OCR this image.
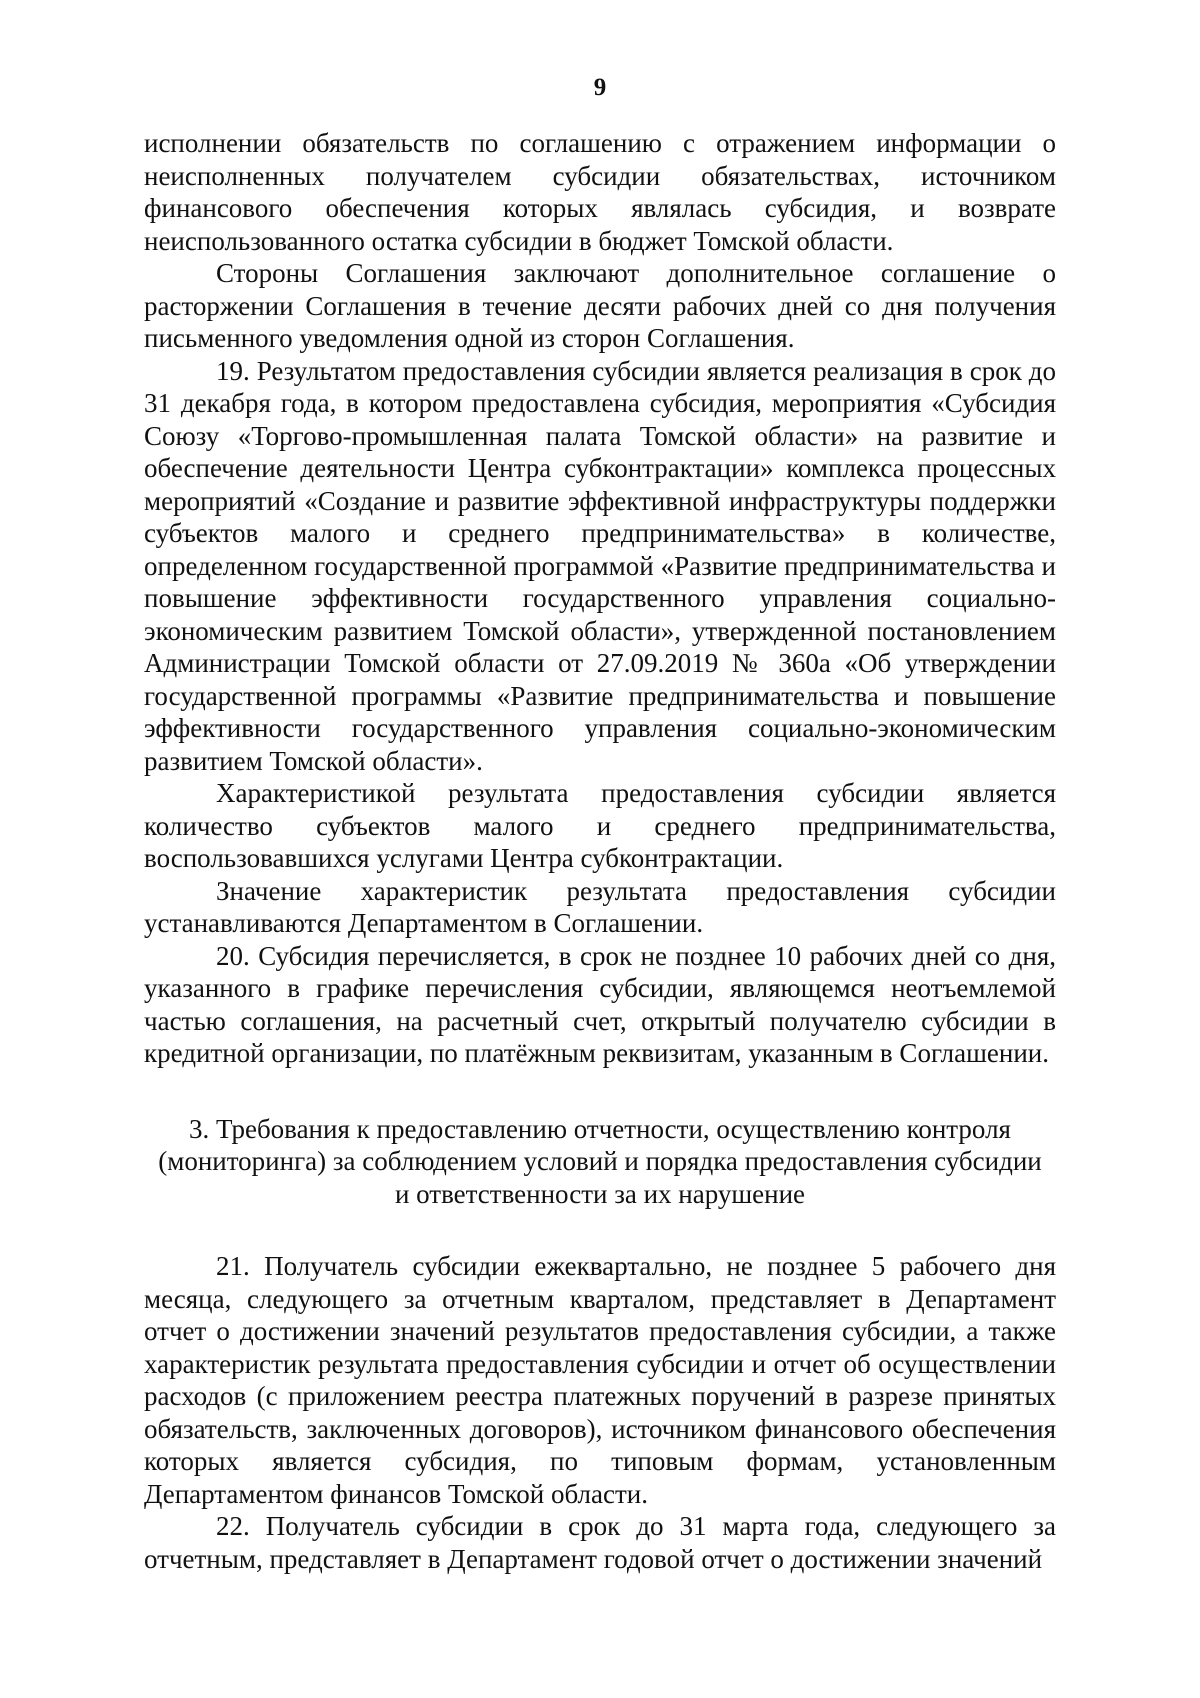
9

исполнении обязательств по соглашению с отражением информации о неисполненных получателем субсидии обязательствах, источником финансового обеспечения которых являлась субсидия, и возврате неиспользованного остатка субсидии в бюджет Томской области.

Стороны Соглашения заключают дополнительное соглашение о расторжении Соглашения в течение десяти рабочих дней со дня получения письменного уведомления одной из сторон Соглашения.

19. Результатом предоставления субсидии является реализация в срок до 31 декабря года, в котором предоставлена субсидия, мероприятия «Субсидия Союзу «Торгово-промышленная палата Томской области» на развитие и обеспечение деятельности Центра субконтрактации» комплекса процессных мероприятий «Создание и развитие эффективной инфраструктуры поддержки субъектов малого и среднего предпринимательства» в количестве, определенном государственной программой «Развитие предпринимательства и повышение эффективности государственного управления социально-экономическим развитием Томской области», утвержденной постановлением Администрации Томской области от 27.09.2019 № 360а «Об утверждении государственной программы «Развитие предпринимательства и повышение эффективности государственного управления социально-экономическим развитием Томской области».

Характеристикой результата предоставления субсидии является количество субъектов малого и среднего предпринимательства, воспользовавшихся услугами Центра субконтрактации.

Значение характеристик результата предоставления субсидии устанавливаются Департаментом в Соглашении.

20. Субсидия перечисляется, в срок не позднее 10 рабочих дней со дня, указанного в графике перечисления субсидии, являющемся неотъемлемой частью соглашения, на расчетный счет, открытый получателю субсидии в кредитной организации, по платёжным реквизитам, указанным в Соглашении.

3. Требования к предоставлению отчетности, осуществлению контроля (мониторинга) за соблюдением условий и порядка предоставления субсидии и ответственности за их нарушение

21. Получатель субсидии ежеквартально, не позднее 5 рабочего дня месяца, следующего за отчетным кварталом, представляет в Департамент отчет о достижении значений результатов предоставления субсидии, а также характеристик результата предоставления субсидии и отчет об осуществлении расходов (с приложением реестра платежных поручений в разрезе принятых обязательств, заключенных договоров), источником финансового обеспечения которых является субсидия, по типовым формам, установленным Департаментом финансов Томской области.

22. Получатель субсидии в срок до 31 марта года, следующего за отчетным, представляет в Департамент годовой отчет о достижении значений
